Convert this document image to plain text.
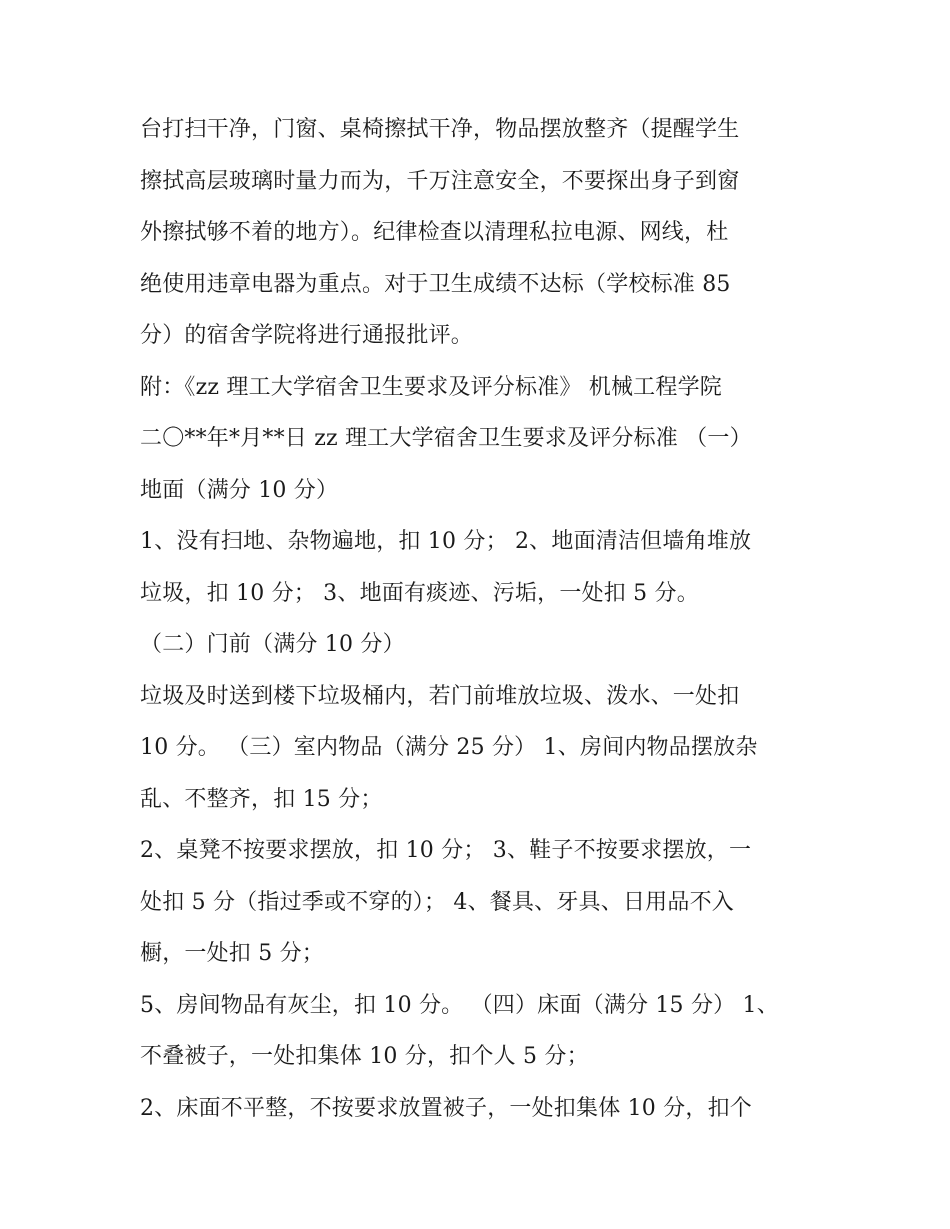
台打扫干净，门窗、桌椅擦拭干净，物品摆放整齐（提醒学生
擦拭高层玻璃时量力而为，千万注意安全，不要探出身子到窗
外擦拭够不着的地方）。纪律检查以清理私拉电源、网线，杜
绝使用违章电器为重点。对于卫生成绩不达标（学校标准 85
分）的宿舍学院将进行通报批评。
附：《zz 理工大学宿舍卫生要求及评分标准》 机械工程学院
二〇**年*月**日 zz 理工大学宿舍卫生要求及评分标准 （一）
地面（满分 10 分）
1、没有扫地、杂物遍地，扣 10 分； 2、地面清洁但墙角堆放
垃圾，扣 10 分； 3、地面有痰迹、污垢，一处扣 5 分。
（二）门前（满分 10 分）
垃圾及时送到楼下垃圾桶内，若门前堆放垃圾、泼水、一处扣
10 分。 （三）室内物品（满分 25 分） 1、房间内物品摆放杂
乱、不整齐，扣 15 分；
2、桌凳不按要求摆放，扣 10 分； 3、鞋子不按要求摆放，一
处扣 5 分（指过季或不穿的）； 4、餐具、牙具、日用品不入
橱，一处扣 5 分；
5、房间物品有灰尘，扣 10 分。 （四）床面（满分 15 分） 1、
不叠被子，一处扣集体 10 分，扣个人 5 分；
2、床面不平整，不按要求放置被子，一处扣集体 10 分，扣个
